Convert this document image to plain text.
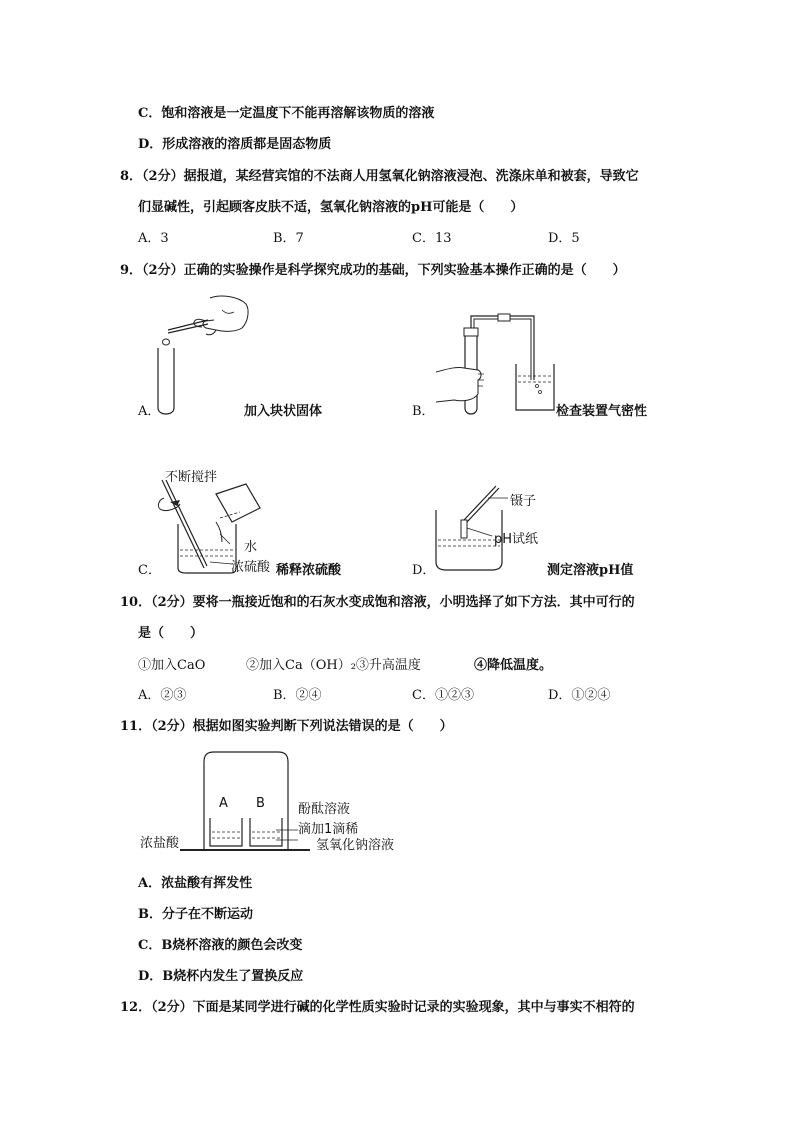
C．饱和溶液是一定温度下不能再溶解该物质的溶液
D．形成溶液的溶质都是固态物质
8．（2分）据报道，某经营宾馆的不法商人用氢氧化钠溶液浸泡、洗涤床单和被套，导致它
们显碱性，引起顾客皮肤不适，氢氧化钠溶液的pH可能是（　　）
A．3	B．7	C．13	D．5
9．（2分）正确的实验操作是科学探究成功的基础，下列实验基本操作正确的是（　　）
A．	加入块状固体	B．	检查装置气密性
不断搅拌
水
浓硫酸
C．	稀释浓硫酸
镊子
pH试纸
D．	测定溶液pH值
10．（2分）要将一瓶接近饱和的石灰水变成饱和溶液，小明选择了如下方法．其中可行的
是（　　）
①加入CaO	②加入Ca（OH）₂③升高温度	④降低温度。
A．②③	B．②④	C．①②③	D．①②④
11．（2分）根据如图实验判断下列说法错误的是（　　）
A B	酚酞溶液
滴加1滴稀
氢氧化钠溶液
浓盐酸
A．浓盐酸有挥发性
B．分子在不断运动
C．B烧杯溶液的颜色会改变
D．B烧杯内发生了置换反应
12．（2分）下面是某同学进行碱的化学性质实验时记录的实验现象，其中与事实不相符的
